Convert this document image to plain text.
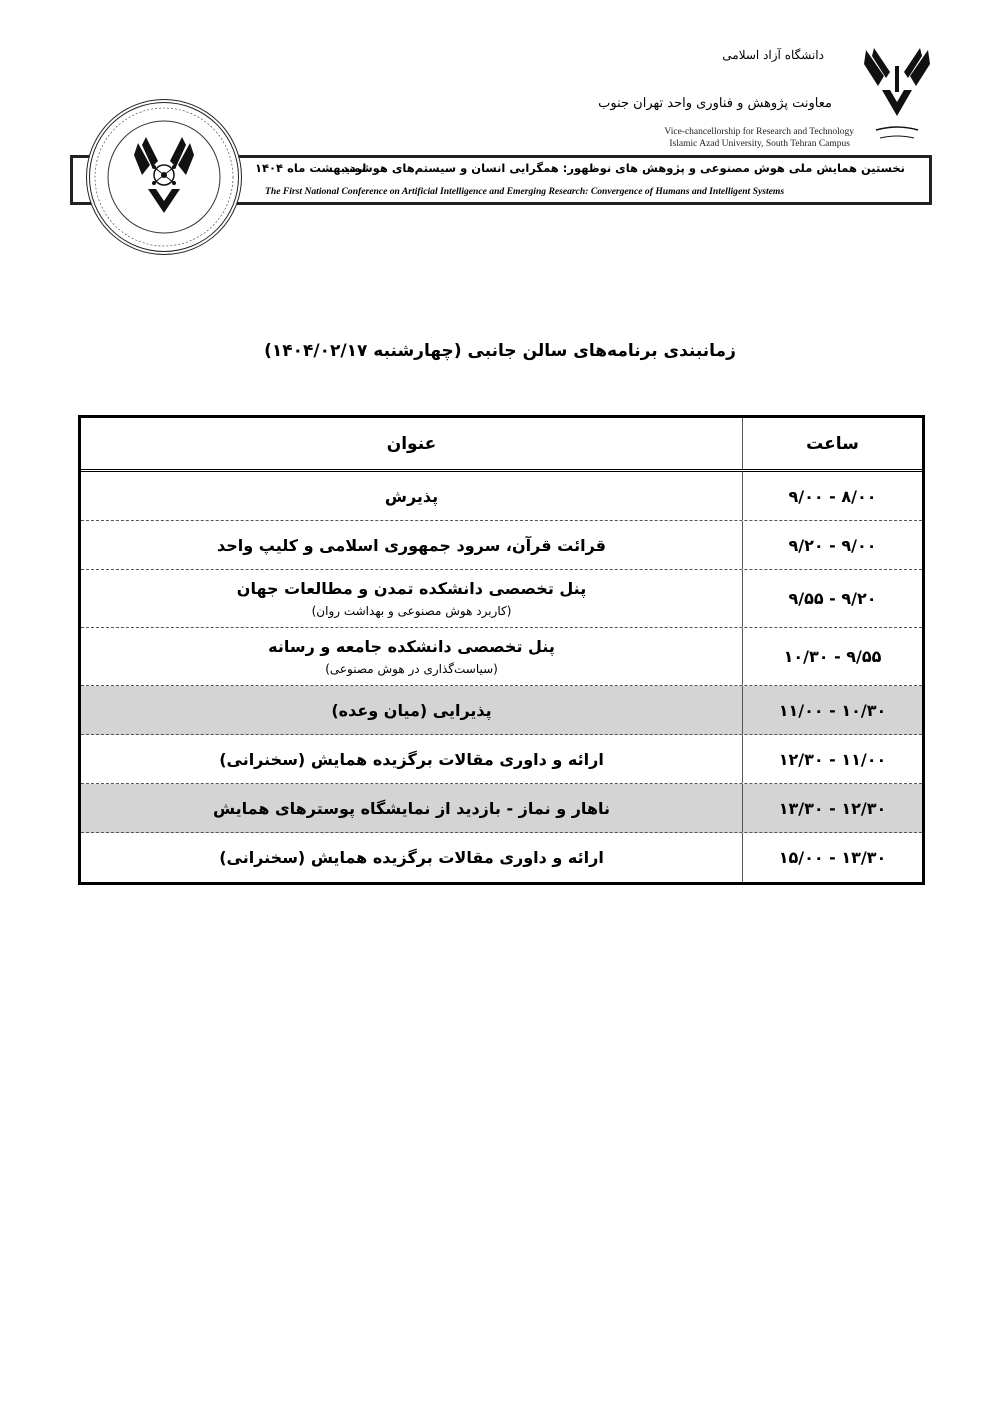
نخستین همایش ملی هوش مصنوعی و پژوهش های نوظهور: همگرایی انسان و سیستم‌های هوشمند
اردیبهشت ماه ۱۴۰۴
The First National Conference on Artificial Intelligence and Emerging Research: Convergence of Humans and Intelligent Systems
دانشگاه آزاد اسلامی
معاونت پژوهش و فناوری واحد تهران جنوب
Vice-chancellorship for Research and Technology
Islamic Azad University, South Tehran Campus
زمانبندی برنامه‌های سالن جانبی (چهارشنبه ۱۴۰۴/۰۲/۱۷)
ساعت
عنوان
۸/۰۰ - ۹/۰۰
پذیرش
۹/۰۰ - ۹/۲۰
قرائت قرآن، سرود جمهوری اسلامی و کلیپ واحد
۹/۲۰ - ۹/۵۵
پنل تخصصی دانشکده تمدن و مطالعات جهان
(کاربرد هوش مصنوعی و بهداشت روان)
۹/۵۵ - ۱۰/۳۰
پنل تخصصی دانشکده جامعه و رسانه
(سیاست‌گذاری در هوش مصنوعی)
۱۰/۳۰ - ۱۱/۰۰
پذیرایی (میان وعده)
۱۱/۰۰ - ۱۲/۳۰
ارائه و داوری مقالات برگزیده همایش (سخنرانی)
۱۲/۳۰ - ۱۳/۳۰
ناهار و نماز - بازدید از نمایشگاه پوسترهای همایش
۱۳/۳۰ - ۱۵/۰۰
ارائه و داوری مقالات برگزیده همایش (سخنرانی)
